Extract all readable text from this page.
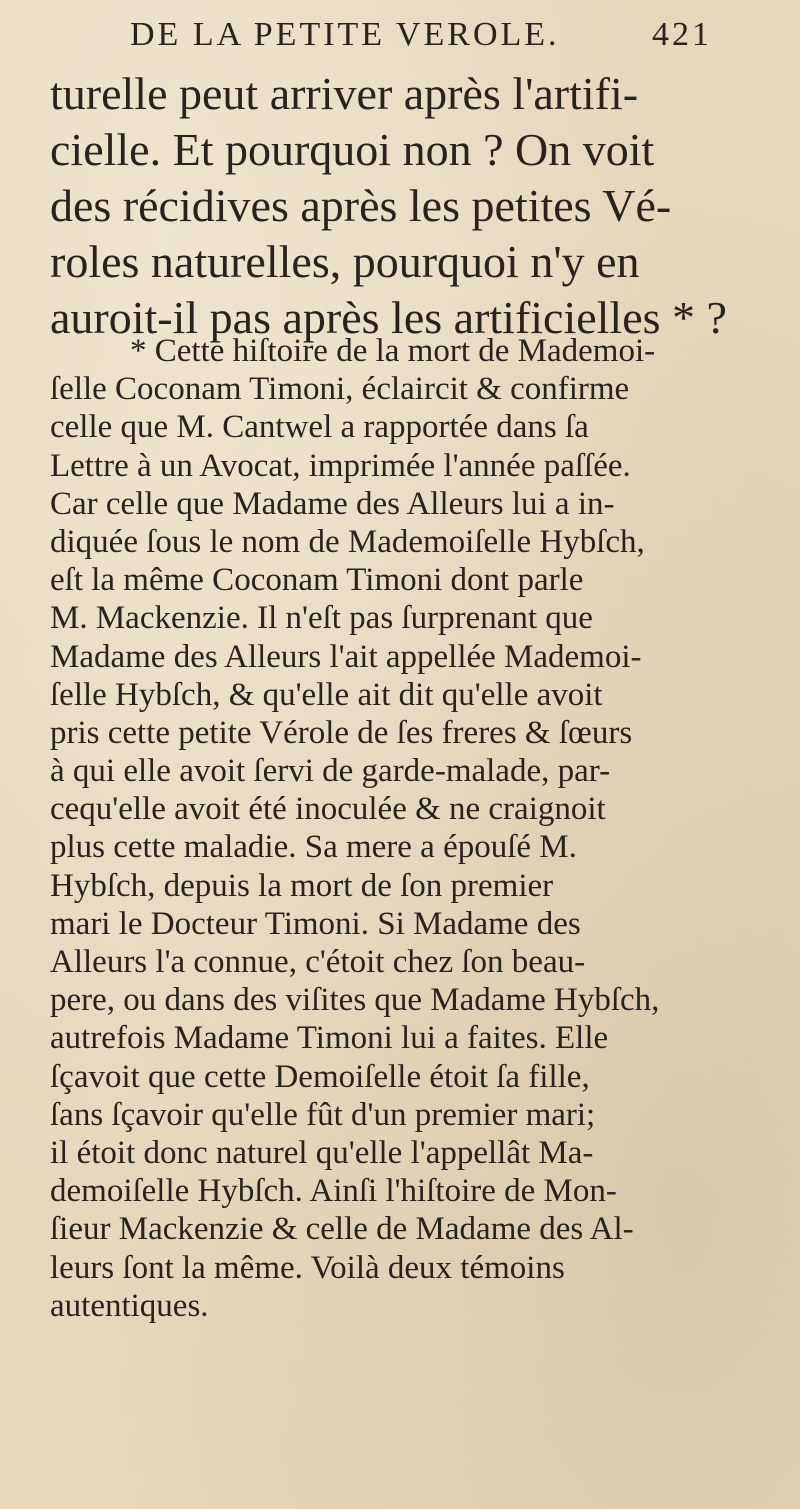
DE LA PETITE VEROLE.	421
turelle peut arriver après l'artifi-
cielle. Et pourquoi non ? On voit
des récidives après les petites Vé-
roles naturelles, pourquoi n'y en
auroit-il pas après les artificielles * ?
* Cette hiſtoire de la mort de Mademoi-
ſelle Coconam Timoni, éclaircit & confirme
celle que M. Cantwel a rapportée dans ſa
Lettre à un Avocat, imprimée l'année paſſée.
Car celle que Madame des Alleurs lui a in-
diquée ſous le nom de Mademoiſelle Hybſch,
eſt la même Coconam Timoni dont parle
M. Mackenzie. Il n'eſt pas ſurprenant que
Madame des Alleurs l'ait appellée Mademoi-
ſelle Hybſch, & qu'elle ait dit qu'elle avoit
pris cette petite Vérole de ſes freres & ſœurs
à qui elle avoit ſervi de garde-malade, par-
cequ'elle avoit été inoculée & ne craignoit
plus cette maladie. Sa mere a épouſé M.
Hybſch, depuis la mort de ſon premier
mari le Docteur Timoni. Si Madame des
Alleurs l'a connue, c'étoit chez ſon beau-
pere, ou dans des viſites que Madame Hybſch,
autrefois Madame Timoni lui a faites. Elle
ſçavoit que cette Demoiſelle étoit ſa fille,
ſans ſçavoir qu'elle fût d'un premier mari;
il étoit donc naturel qu'elle l'appellât Ma-
demoiſelle Hybſch. Ainſi l'hiſtoire de Mon-
ſieur Mackenzie & celle de Madame des Al-
leurs ſont la même. Voilà deux témoins
autentiques.
